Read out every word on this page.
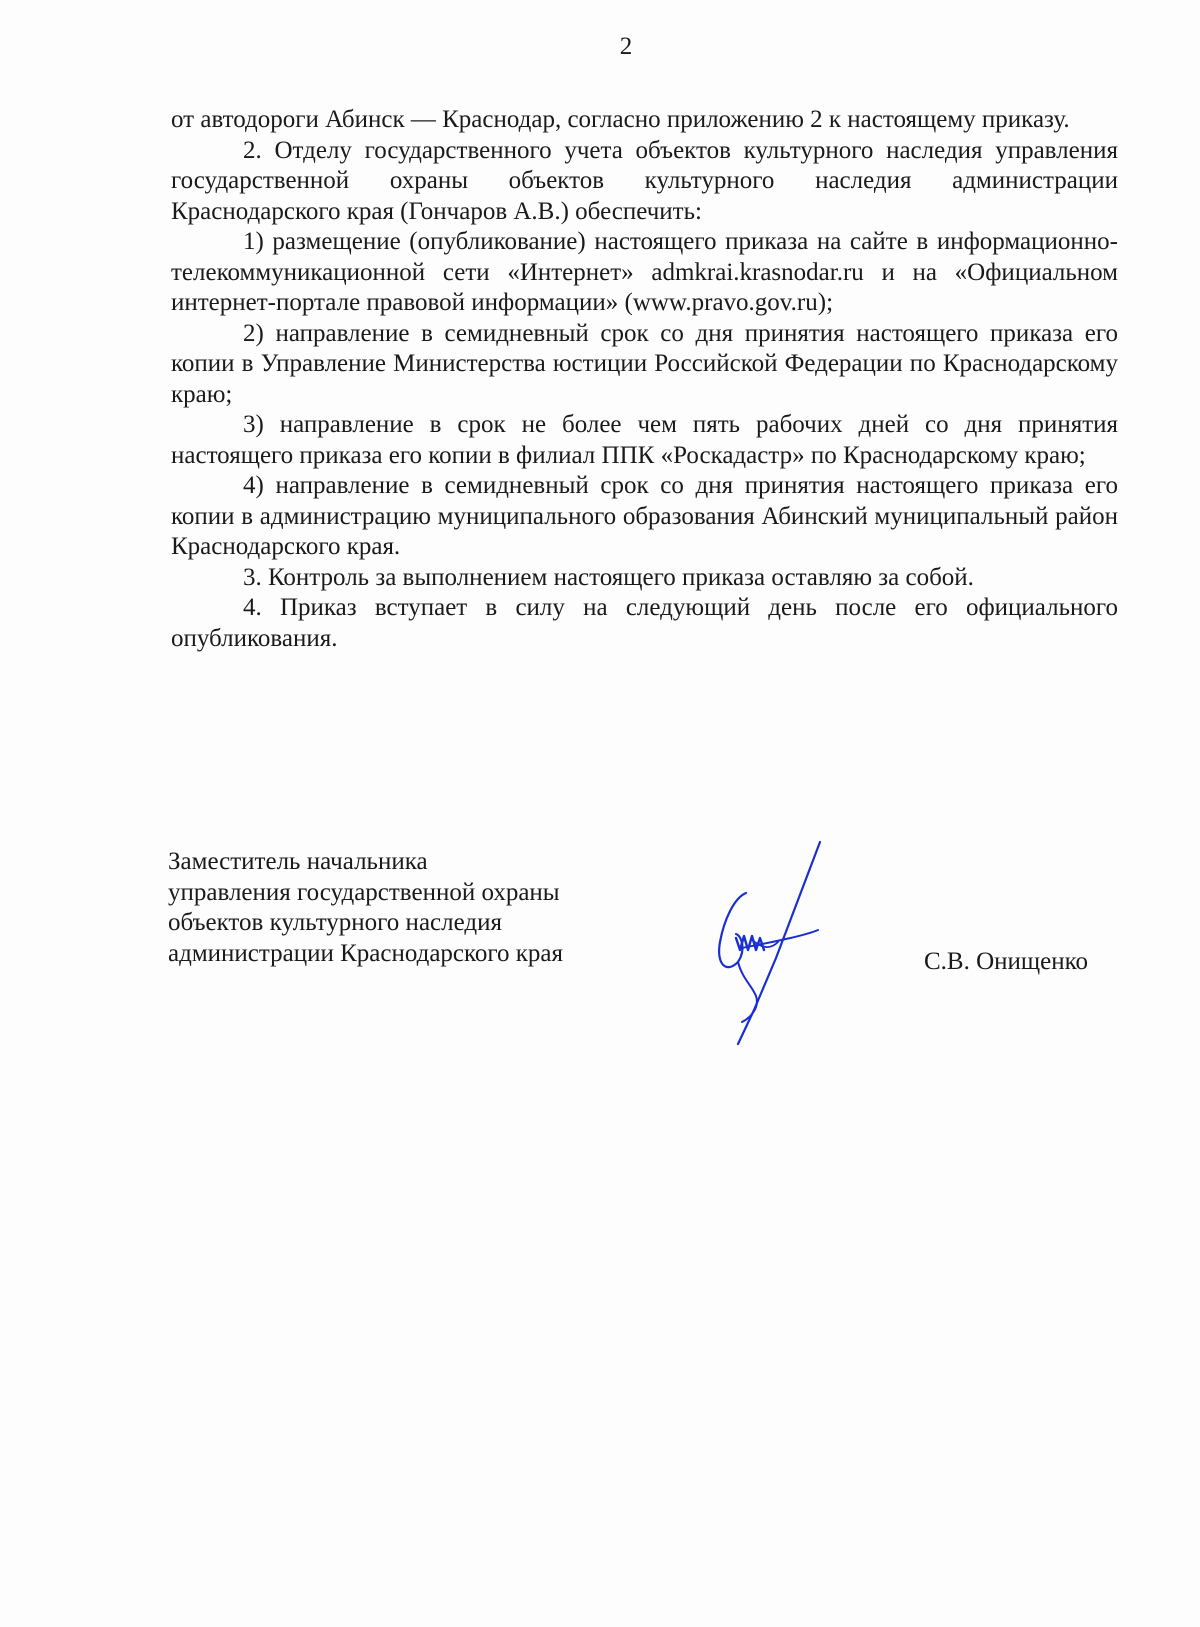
2

от автодороги Абинск — Краснодар, согласно приложению 2 к настоящему приказу.

2. Отделу государственного учета объектов культурного наследия управления государственной охраны объектов культурного наследия администрации Краснодарского края (Гончаров А.В.) обеспечить:

1) размещение (опубликование) настоящего приказа на сайте в информационно-телекоммуникационной сети «Интернет» admkrai.krasnodar.ru и на «Официальном интернет-портале правовой информации» (www.pravo.gov.ru);

2) направление в семидневный срок со дня принятия настоящего приказа его копии в Управление Министерства юстиции Российской Федерации по Краснодарскому краю;

3) направление в срок не более чем пять рабочих дней со дня принятия настоящего приказа его копии в филиал ППК «Роскадастр» по Краснодарскому краю;

4) направление в семидневный срок со дня принятия настоящего приказа его копии в администрацию муниципального образования Абинский муниципальный район Краснодарского края.

3. Контроль за выполнением настоящего приказа оставляю за собой.

4. Приказ вступает в силу на следующий день после его официального опубликования.

Заместитель начальника
управления государственной охраны
объектов культурного наследия
администрации Краснодарского края	С.В. Онищенко
